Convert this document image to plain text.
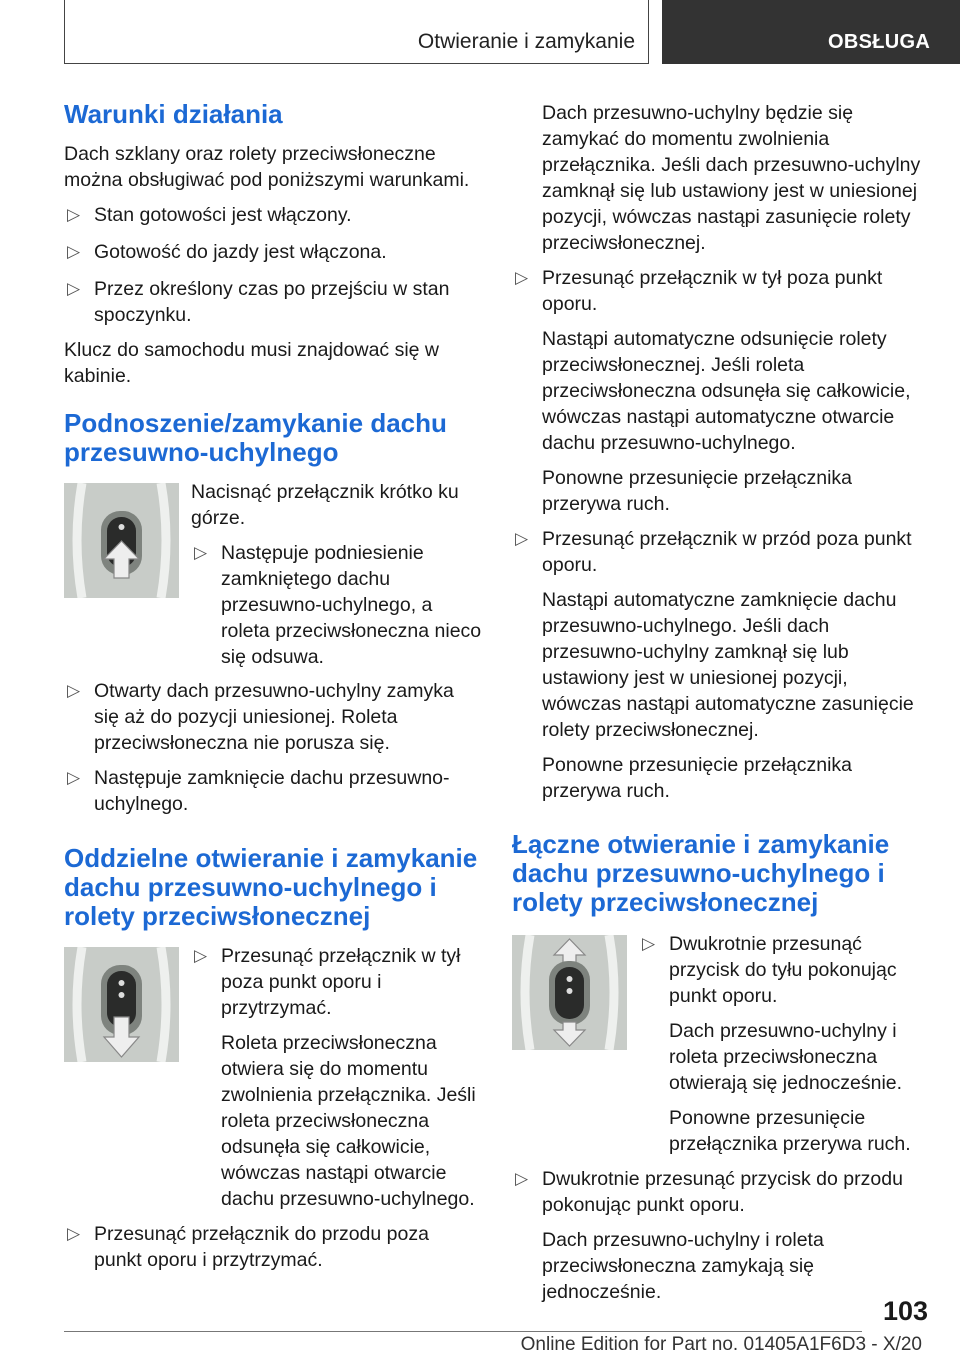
Otwieranie i zamykanie	OBSŁUGA
Warunki działania

Dach szklany oraz rolety przeciwsłoneczne można obsługiwać pod poniższymi warunkami.

▷ Stan gotowości jest włączony.
▷ Gotowość do jazdy jest włączona.
▷ Przez określony czas po przejściu w stan spoczynku.

Klucz do samochodu musi znajdować się w kabinie.

Podnoszenie/zamykanie dachu przesuwno-uchylnego

Nacisnąć przełącznik krótko ku górze.

▷ Następuje podniesienie zamkniętego dachu przesuwno-uchylnego, a roleta przeciwsłoneczna nieco się odsuwa.
▷ Otwarty dach przesuwno-uchylny zamyka się aż do pozycji uniesionej. Roleta przeciwsłoneczna nie porusza się.
▷ Następuje zamknięcie dachu przesuwno-uchylnego.
Oddzielne otwieranie i zamykanie dachu przesuwno-uchylnego i rolety przeciwsłonecznej
▷ Przesunąć przełącznik w tył poza punkt oporu i przytrzymać.

Roleta przeciwsłoneczna otwiera się do momentu zwolnienia przełącznika. Jeśli roleta przeciwsłoneczna odsunęła się całkowicie, wówczas nastąpi otwarcie dachu przesuwno-uchylnego.

▷ Przesunąć przełącznik do przodu poza punkt oporu i przytrzymać.

Dach przesuwno-uchylny będzie się zamykać do momentu zwolnienia przełącznika. Jeśli dach przesuwno-uchylny zamknął się lub ustawiony jest w uniesionej pozycji, wówczas nastąpi zasunięcie rolety przeciwsłonecznej.

▷ Przesunąć przełącznik w tył poza punkt oporu.

Nastąpi automatyczne odsunięcie rolety przeciwsłonecznej. Jeśli roleta przeciwsłoneczna odsunęła się całkowicie, wówczas nastąpi automatyczne otwarcie dachu przesuwno-uchylnego.

Ponowne przesunięcie przełącznika przerywa ruch.

▷ Przesunąć przełącznik w przód poza punkt oporu.

Nastąpi automatyczne zamknięcie dachu przesuwno-uchylnego. Jeśli dach przesuwno-uchylny zamknął się lub ustawiony jest w uniesionej pozycji, wówczas nastąpi automatyczne zasunięcie rolety przeciwsłonecznej.

Ponowne przesunięcie przełącznika przerywa ruch.

Łączne otwieranie i zamykanie dachu przesuwno-uchylnego i rolety przeciwsłonecznej
▷ Dwukrotnie przesunąć przycisk do tyłu pokonując punkt oporu.

Dach przesuwno-uchylny i roleta przeciwsłoneczna otwierają się jednocześnie.

Ponowne przesunięcie przełącznika przerywa ruch.

▷ Dwukrotnie przesunąć przycisk do przodu pokonując punkt oporu.

Dach przesuwno-uchylny i roleta przeciwsłoneczna zamykają się jednocześnie.

103
Online Edition for Part no. 01405A1F6D3 - X/20
